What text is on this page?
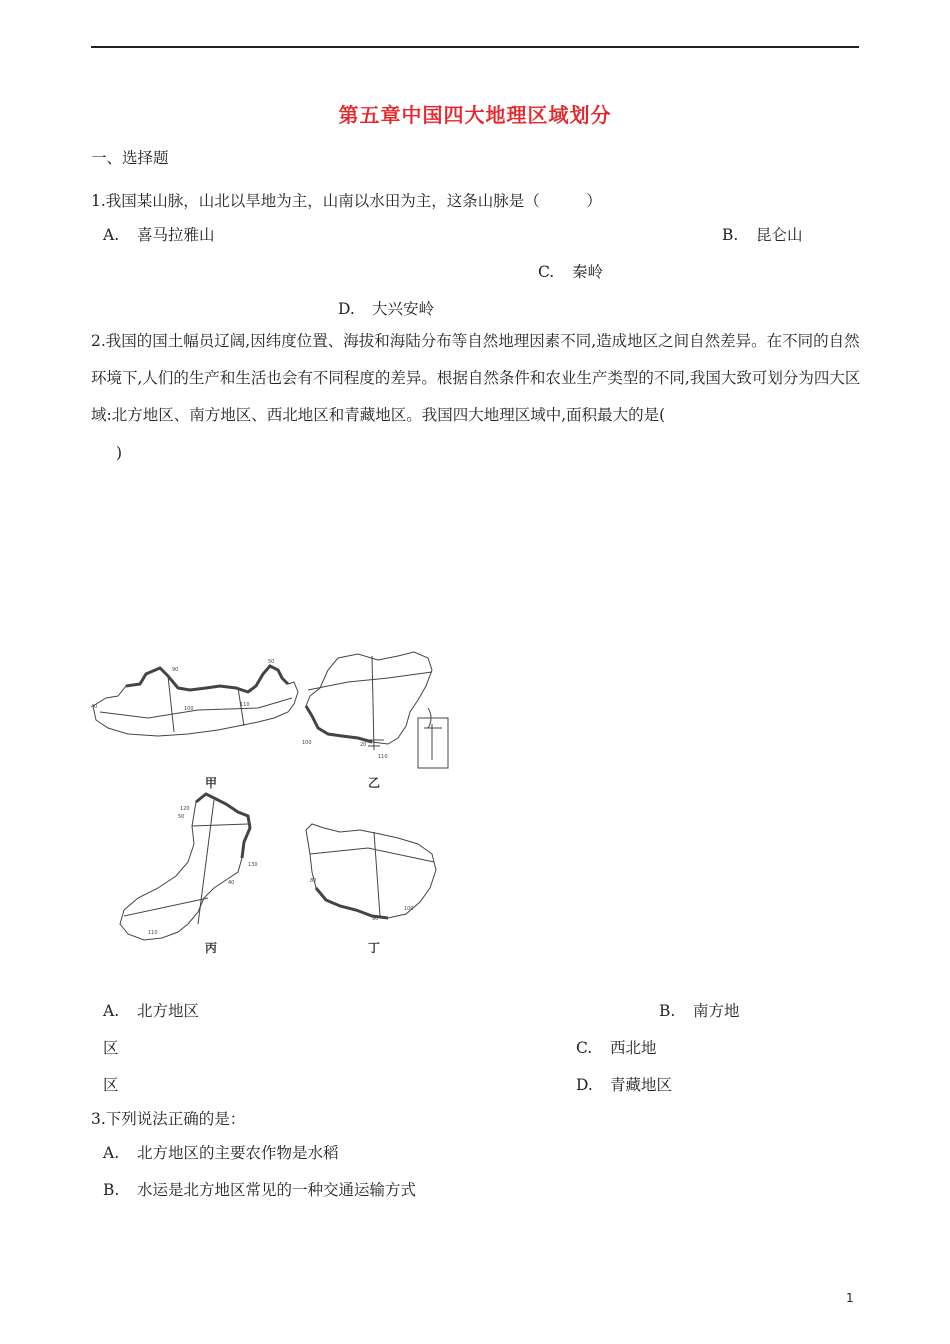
第五章中国四大地理区域划分
一、选择题
1.我国某山脉，山北以旱地为主，山南以水田为主，这条山脉是（　　　）
A. 喜马拉雅山	B. 昆仑山
C. 秦岭
D. 大兴安岭
2.我国的国土幅员辽阔,因纬度位置、海拔和海陆分布等自然地理因素不同,造成地区之间自然差异。在不同的自然环境下,人们的生产和生活也会有不同程度的差异。根据自然条件和农业生产类型的不同,我国大致可划分为四大区域:北方地区、南方地区、西北地区和青藏地区。我国四大地理区域中,面积最大的是(
)
100
110
90
50
40
100
110
20
120
50
40
110
130
80
100
90
甲	乙
丙	丁
A. 北方地区	B. 南方地
区	C. 西北地
区	D. 青藏地区
3.下列说法正确的是：
A. 北方地区的主要农作物是水稻
B. 水运是北方地区常见的一种交通运输方式
1
